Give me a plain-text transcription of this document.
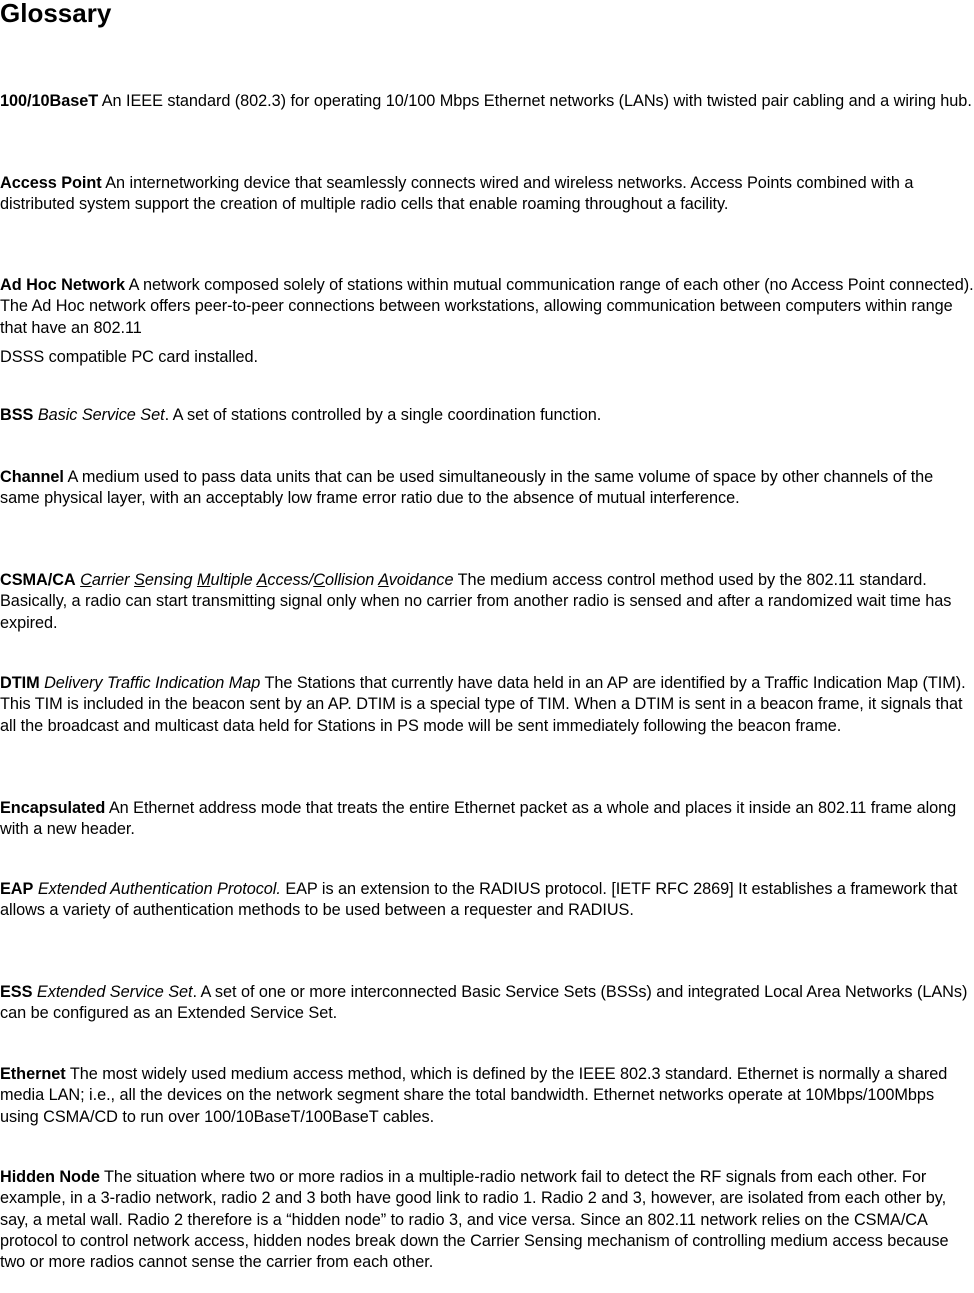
Glossary

100/10BaseT An IEEE standard (802.3) for operating 10/100 Mbps Ethernet networks (LANs) with twisted pair cabling and a wiring hub.

Access Point An internetworking device that seamlessly connects wired and wireless networks. Access Points combined with a distributed system support the creation of multiple radio cells that enable roaming throughout a facility.

Ad Hoc Network A network composed solely of stations within mutual communication range of each other (no Access Point connected). The Ad Hoc network offers peer-to-peer connections between workstations, allowing communication between computers within range that have an 802.11

DSSS compatible PC card installed.

BSS Basic Service Set. A set of stations controlled by a single coordination function.

Channel A medium used to pass data units that can be used simultaneously in the same volume of space by other channels of the same physical layer, with an acceptably low frame error ratio due to the absence of mutual interference.

CSMA/CA Carrier Sensing Multiple Access/Collision Avoidance The medium access control method used by the 802.11 standard. Basically, a radio can start transmitting signal only when no carrier from another radio is sensed and after a randomized wait time has expired.

DTIM Delivery Traffic Indication Map The Stations that currently have data held in an AP are identified by a Traffic Indication Map (TIM). This TIM is included in the beacon sent by an AP. DTIM is a special type of TIM. When a DTIM is sent in a beacon frame, it signals that all the broadcast and multicast data held for Stations in PS mode will be sent immediately following the beacon frame.

Encapsulated An Ethernet address mode that treats the entire Ethernet packet as a whole and places it inside an 802.11 frame along with a new header.

EAP Extended Authentication Protocol. EAP is an extension to the RADIUS protocol. [IETF RFC 2869] It establishes a framework that allows a variety of authentication methods to be used between a requester and RADIUS.

ESS Extended Service Set. A set of one or more interconnected Basic Service Sets (BSSs) and integrated Local Area Networks (LANs) can be configured as an Extended Service Set.

Ethernet The most widely used medium access method, which is defined by the IEEE 802.3 standard. Ethernet is normally a shared media LAN; i.e., all the devices on the network segment share the total bandwidth. Ethernet networks operate at 10Mbps/100Mbps using CSMA/CD to run over 100/10BaseT/100BaseT cables.

Hidden Node The situation where two or more radios in a multiple-radio network fail to detect the RF signals from each other. For example, in a 3-radio network, radio 2 and 3 both have good link to radio 1. Radio 2 and 3, however, are isolated from each other by, say, a metal wall. Radio 2 therefore is a “hidden node” to radio 3, and vice versa. Since an 802.11 network relies on the CSMA/CA protocol to control network access, hidden nodes break down the Carrier Sensing mechanism of controlling medium access because two or more radios cannot sense the carrier from each other.
